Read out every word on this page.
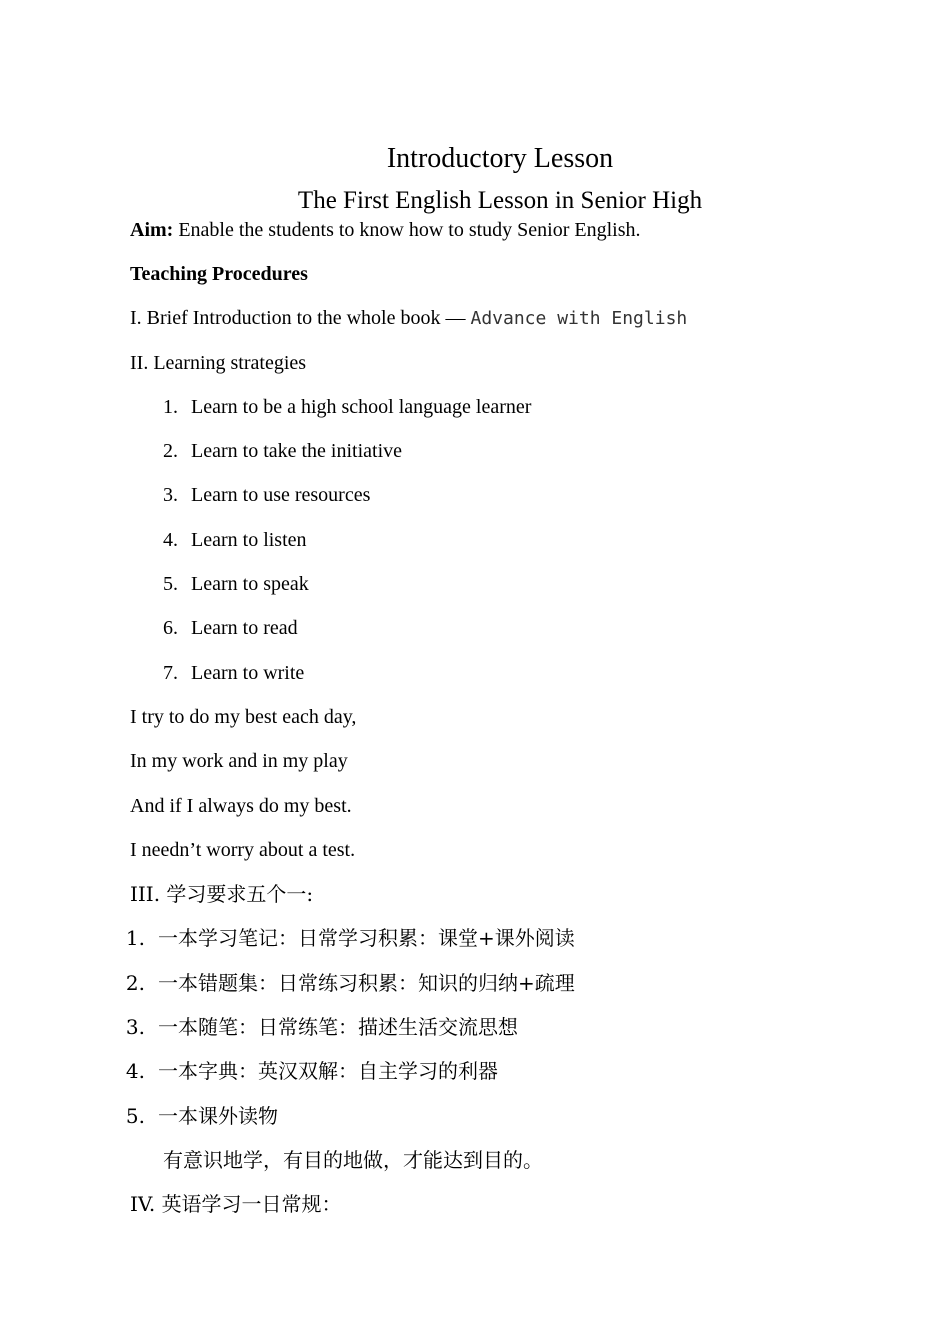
Introductory Lesson
The First English Lesson in Senior High
Aim: Enable the students to know how to study Senior English.
Teaching Procedures
I. Brief Introduction to the whole book — Advance with English
II. Learning strategies
1. Learn to be a high school language learner
2. Learn to take the initiative
3. Learn to use resources
4. Learn to listen
5. Learn to speak
6. Learn to read
7. Learn to write
I try to do my best each day,
In my work and in my play
And if I always do my best.
I needn’t worry about a test.
III. 学习要求五个一:
1. 一本学习笔记：日常学习积累：课堂+课外阅读
2. 一本错题集：日常练习积累：知识的归纳+疏理
3. 一本随笔：日常练笔：描述生活交流思想
4. 一本字典：英汉双解：自主学习的利器
5. 一本课外读物
有意识地学，有目的地做，才能达到目的。
IV. 英语学习一日常规：
